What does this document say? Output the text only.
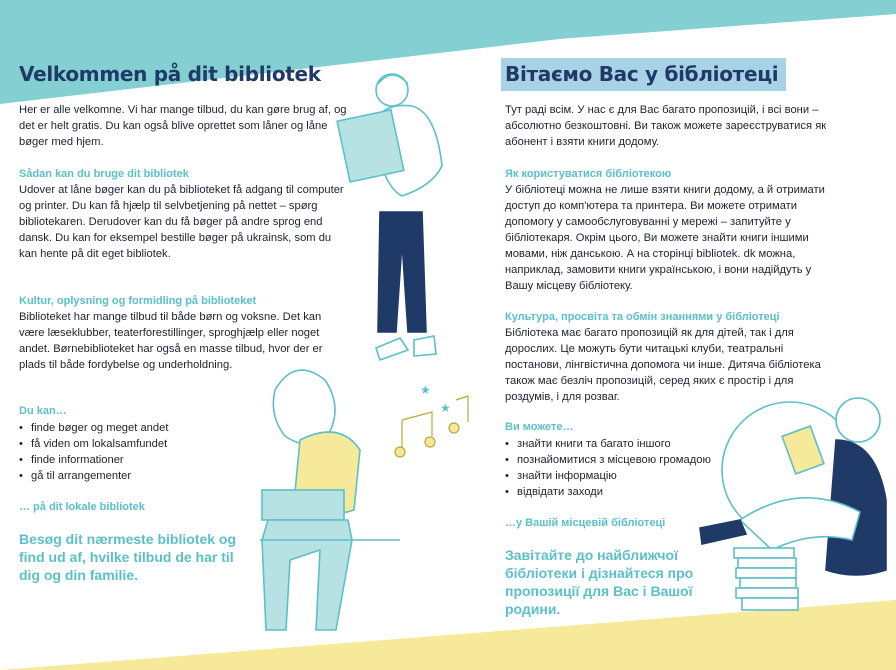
★
★
Velkommen på dit bibliotek

Her er alle velkomne. Vi har mange tilbud, du kan gøre brug af, og det er helt gratis. Du kan også blive oprettet som låner og låne bøger med hjem.

Sådan kan du bruge dit bibliotek

Udover at låne bøger kan du på biblioteket få adgang til computer og printer. Du kan få hjælp til selvbetjening på nettet – spørg bibliotekaren. Derudover kan du få bøger på andre sprog end dansk. Du kan for eksempel bestille bøger på ukrainsk, som du kan hente på dit eget bibliotek.

Kultur, oplysning og formidling på biblioteket

Biblioteket har mange tilbud til både børn og voksne. Det kan være læseklubber, teaterforestillinger, sproghjælp eller noget andet. Børnebiblioteket har også en masse tilbud, hvor der er plads til både fordybelse og underholdning.

Du kan…
• finde bøger og meget andet
• få viden om lokalsamfundet
• finde informationer
• gå til arrangementer
… på dit lokale bibliotek
Besøg dit nærmeste bibliotek og find ud af, hvilke tilbud de har til dig og din familie.
Вітаємо Вас у бібліотеці

Тут раді всім. У нас є для Вас багато пропозицій, і всі вони – абсолютно безкоштовні. Ви також можете зареєструватися як абонент і взяти книги додому.

Як користуватися бібліотекою

У бібліотеці можна не лише взяти книги додому, а й отримати доступ до комп'ютера та принтера. Ви можете отримати допомогу у самообслуговуванні у мережі – запитуйте у бібліотекаря. Окрім цього, Ви можете знайти книги іншими мовами, ніж данською. А на сторінці bibliotek. dk можна, наприклад, замовити книги українською, і вони надійдуть у Вашу місцеву бібліотеку.

Культура, просвіта та обмін знаннями у бібліотеці

Бібліотека має багато пропозицій як для дітей, так і для дорослих. Це можуть бути читацькі клуби, театральні постанови, лінгвістична допомога чи інше. Дитяча бібліотека також має безліч пропозицій, серед яких є простір і для роздумів, і для розваг.

Ви можете…
• знайти книги та багато іншого
• познайомитися з місцевою громадою
• знайти інформацію
• відвідати заходи
…у Вашій місцевій бібліотеці
Завітайте до найближчої бібліотеки і дізнайтеся про пропозиції для Вас і Вашої родини.
